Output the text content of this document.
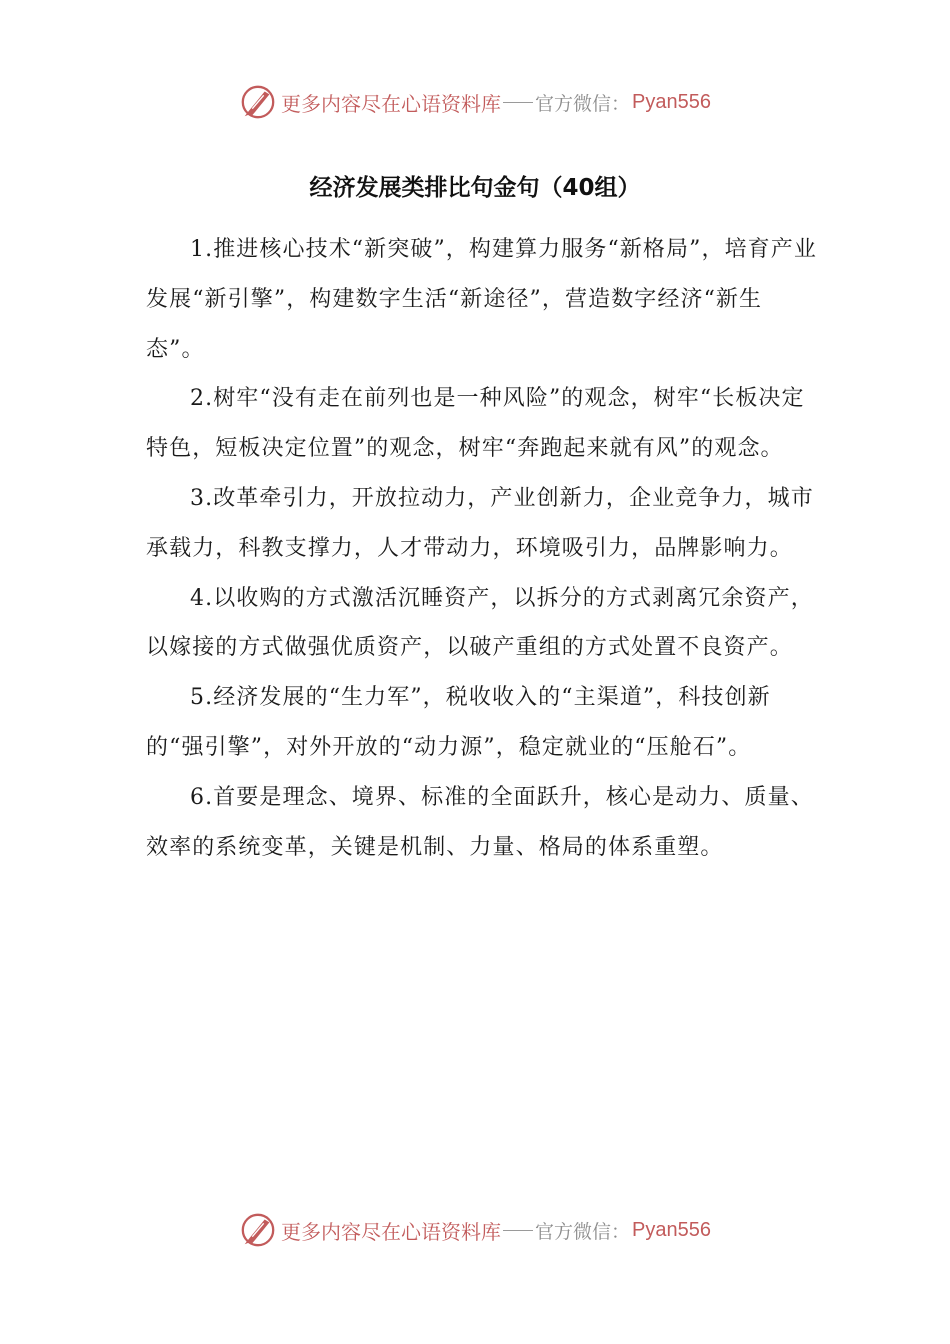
更多内容尽在心语资料库 官方微信： Pyan556
经济发展类排比句金句（40组）

1.推进核心技术“新突破”，构建算力服务“新格局”，培育产业发展“新引擎”，构建数字生活“新途径”，营造数字经济“新生态”。

2.树牢“没有走在前列也是一种风险”的观念，树牢“长板决定特色，短板决定位置”的观念，树牢“奔跑起来就有风”的观念。

3.改革牵引力，开放拉动力，产业创新力，企业竞争力，城市承载力，科教支撑力，人才带动力，环境吸引力，品牌影响力。

4.以收购的方式激活沉睡资产，以拆分的方式剥离冗余资产，以嫁接的方式做强优质资产，以破产重组的方式处置不良资产。

5.经济发展的“生力军”，税收收入的“主渠道”，科技创新的“强引擎”，对外开放的“动力源”，稳定就业的“压舱石”。

6.首要是理念、境界、标准的全面跃升，核心是动力、质量、效率的系统变革，关键是机制、力量、格局的体系重塑。

更多内容尽在心语资料库 官方微信： Pyan556
